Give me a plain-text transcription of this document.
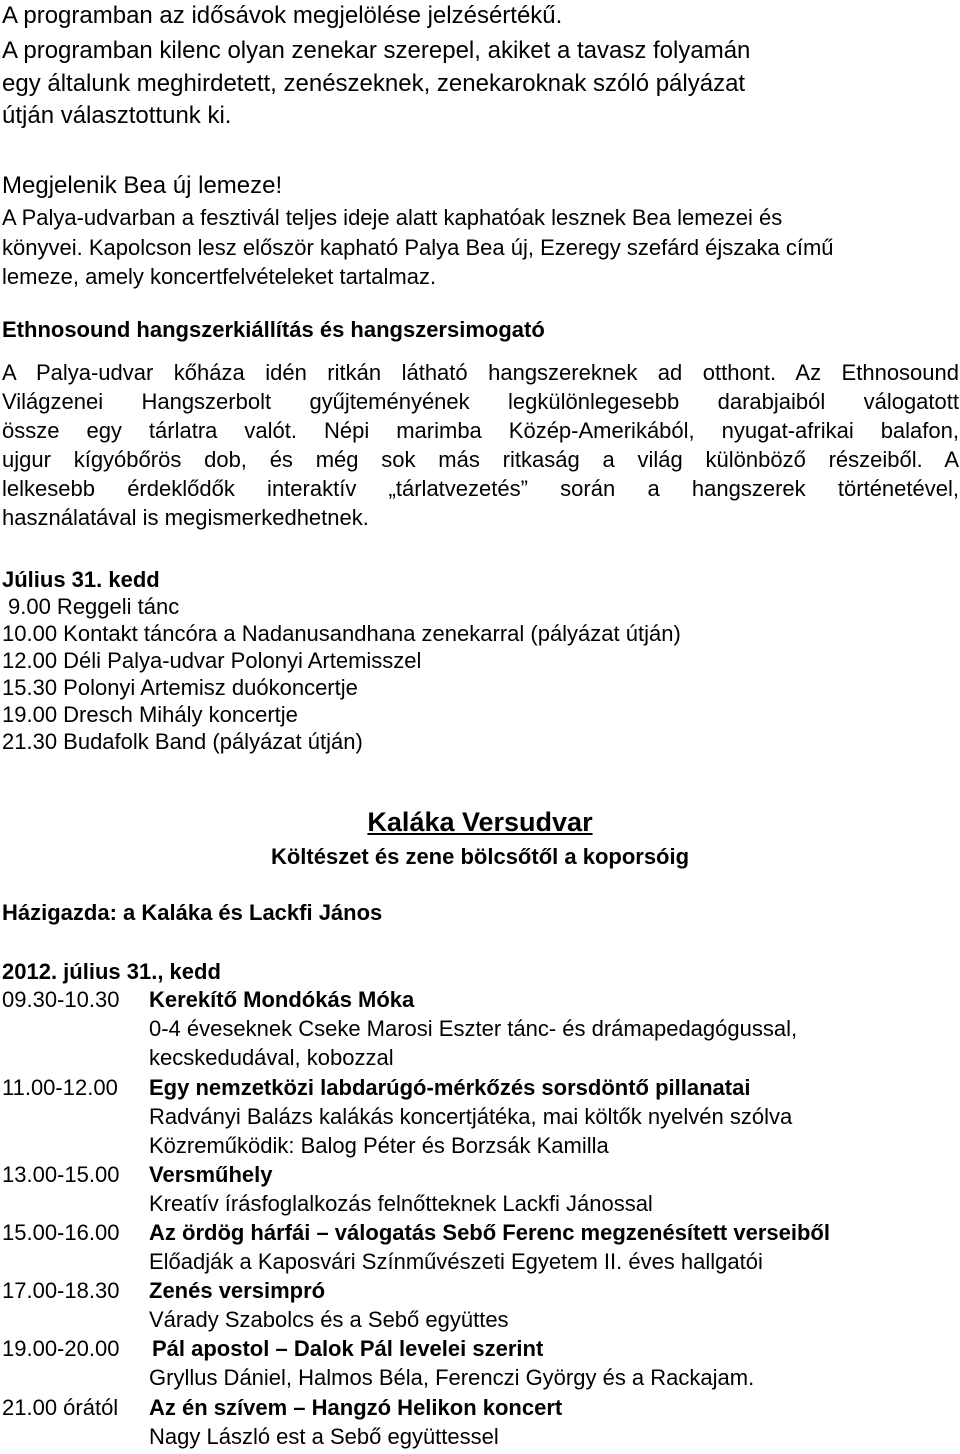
A programban az idősávok megjelölése jelzésértékű.

A programban kilenc olyan zenekar szerepel, akiket a tavasz folyamán

egy általunk meghirdetett, zenészeknek, zenekaroknak szóló pályázat

útján választottunk ki.

Megjelenik Bea új lemeze!

A Palya-udvarban a fesztivál teljes ideje alatt kaphatóak lesznek Bea lemezei és

könyvei. Kapolcson lesz először kapható Palya Bea új, Ezeregy szefárd éjszaka című

lemeze, amely koncertfelvételeket tartalmaz.

Ethnosound hangszerkiállítás és hangszersimogató

A Palya-udvar kőháza idén ritkán látható hangszereknek ad otthont. Az Ethnosound

Világzenei Hangszerbolt gyűjteményének legkülönlegesebb darabjaiból válogatott

össze egy tárlatra valót. Népi marimba Közép-Amerikából, nyugat-afrikai balafon,

ujgur kígyóbőrös dob, és még sok más ritkaság a világ különböző részeiből. A

lelkesebb érdeklődők interaktív „tárlatvezetés” során a hangszerek történetével,

használatával is megismerkedhetnek.

Július 31. kedd

9.00 Reggeli tánc

10.00 Kontakt táncóra a Nadanusandhana zenekarral (pályázat útján)

12.00 Déli Palya-udvar Polonyi Artemisszel

15.30 Polonyi Artemisz duókoncertje

19.00 Dresch Mihály koncertje

21.30 Budafolk Band (pályázat útján)

Kaláka Versudvar

Költészet és zene bölcsőtől a koporsóig

Házigazda: a Kaláka és Lackfi János

2012. július 31., kedd

09.30-10.30 Kerekítő Mondókás Móka
0-4 éveseknek Cseke Marosi Eszter tánc- és drámapedagógussal,
kecskedudával, kobozzal
11.00-12.00 Egy nemzetközi labdarúgó-mérkőzés sorsdöntő pillanatai
Radványi Balázs kalákás koncertjátéka, mai költők nyelvén szólva
Közreműködik: Balog Péter és Borzsák Kamilla
13.00-15.00 Versműhely
Kreatív írásfoglalkozás felnőtteknek Lackfi Jánossal
15.00-16.00 Az ördög hárfái – válogatás Sebő Ferenc megzenésített verseiből
Előadják a Kaposvári Színművészeti Egyetem II. éves hallgatói
17.00-18.30 Zenés versimpró
Várady Szabolcs és a Sebő együttes
19.00-20.00 Pál apostol – Dalok Pál levelei szerint
Gryllus Dániel, Halmos Béla, Ferenczi György és a Rackajam.
21.00 órától Az én szívem – Hangzó Helikon koncert
Nagy László est a Sebő együttessel
